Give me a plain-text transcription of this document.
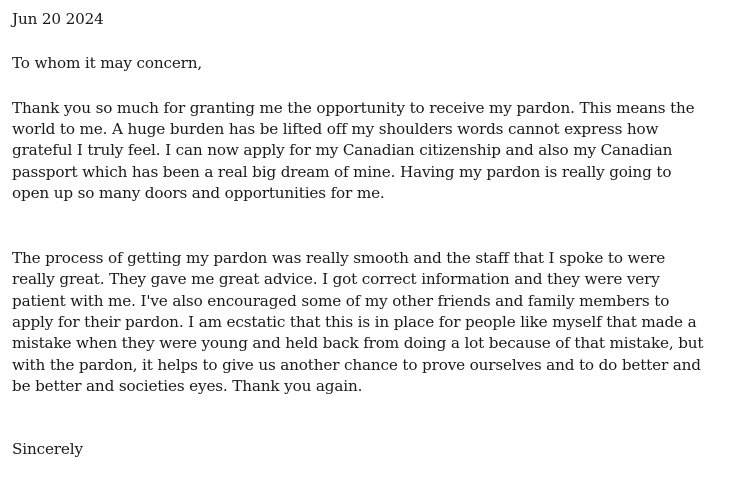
Jun 20 2024
To whom it may concern,
Thank you so much for granting me the opportunity to receive my pardon. This means the
world to me. A huge burden has be lifted off my shoulders words cannot express how
grateful I truly feel. I can now apply for my Canadian citizenship and also my Canadian
passport which has been a real big dream of mine. Having my pardon is really going to
open up so many doors and opportunities for me.
The process of getting my pardon was really smooth and the staff that I spoke to were
really great. They gave me great advice. I got correct information and they were very
patient with me. I've also encouraged some of my other friends and family members to
apply for their pardon. I am ecstatic that this is in place for people like myself that made a
mistake when they were young and held back from doing a lot because of that mistake, but
with the pardon, it helps to give us another chance to prove ourselves and to do better and
be better and societies eyes. Thank you again.
Sincerely
